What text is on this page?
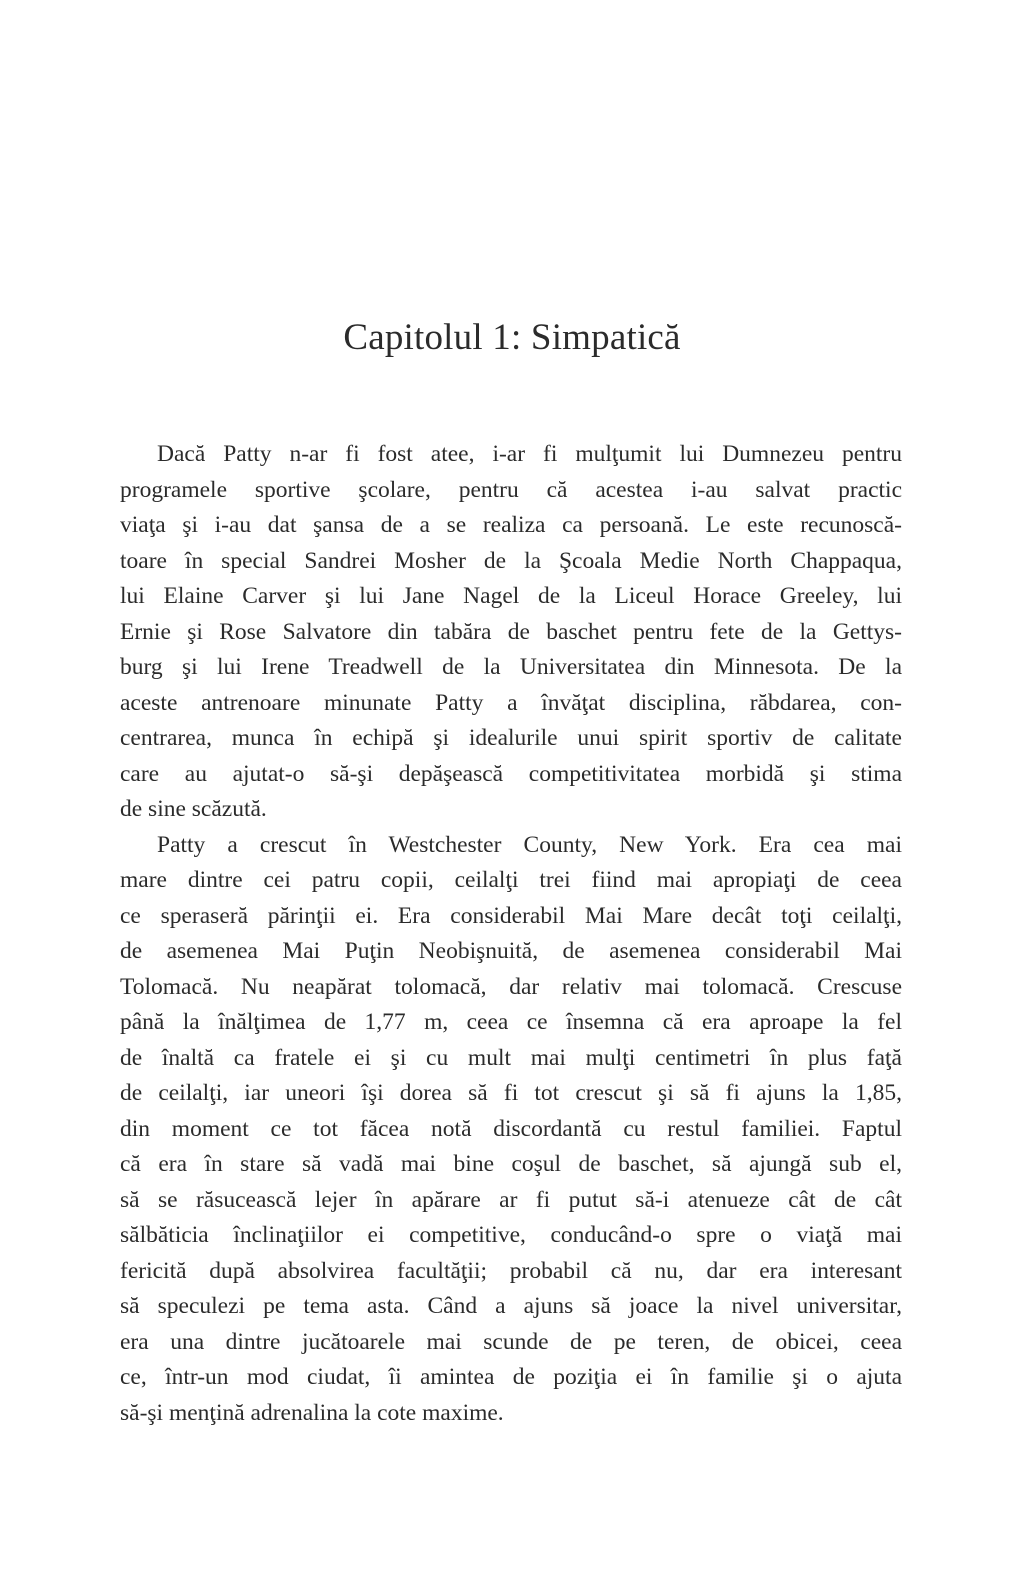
Capitolul 1: Simpatică
Dacă Patty n-ar fi fost atee, i-ar fi mulţumit lui Dumnezeu pentru
programele sportive şcolare, pentru că acestea i-au salvat practic
viaţa şi i-au dat şansa de a se realiza ca persoană. Le este recunoscă-
toare în special Sandrei Mosher de la Şcoala Medie North Chappaqua,
lui Elaine Carver şi lui Jane Nagel de la Liceul Horace Greeley, lui
Ernie şi Rose Salvatore din tabăra de baschet pentru fete de la Gettys-
burg şi lui Irene Treadwell de la Universitatea din Minnesota. De la
aceste antrenoare minunate Patty a învăţat disciplina, răbdarea, con-
centrarea, munca în echipă şi idealurile unui spirit sportiv de calitate
care au ajutat-o să-şi depăşească competitivitatea morbidă şi stima
de sine scăzută.
Patty a crescut în Westchester County, New York. Era cea mai
mare dintre cei patru copii, ceilalţi trei fiind mai apropiaţi de ceea
ce speraseră părinţii ei. Era considerabil Mai Mare decât toţi ceilalţi,
de asemenea Mai Puţin Neobişnuită, de asemenea considerabil Mai
Tolomacă. Nu neapărat tolomacă, dar relativ mai tolomacă. Crescuse
până la înălţimea de 1,77 m, ceea ce însemna că era aproape la fel
de înaltă ca fratele ei şi cu mult mai mulţi centimetri în plus faţă
de ceilalţi, iar uneori îşi dorea să fi tot crescut şi să fi ajuns la 1,85,
din moment ce tot făcea notă discordantă cu restul familiei. Faptul
că era în stare să vadă mai bine coşul de baschet, să ajungă sub el,
să se răsucească lejer în apărare ar fi putut să-i atenueze cât de cât
sălbăticia înclinaţiilor ei competitive, conducând-o spre o viaţă mai
fericită după absolvirea facultăţii; probabil că nu, dar era interesant
să speculezi pe tema asta. Când a ajuns să joace la nivel universitar,
era una dintre jucătoarele mai scunde de pe teren, de obicei, ceea
ce, într-un mod ciudat, îi amintea de poziţia ei în familie şi o ajuta
să-şi menţină adrenalina la cote maxime.
